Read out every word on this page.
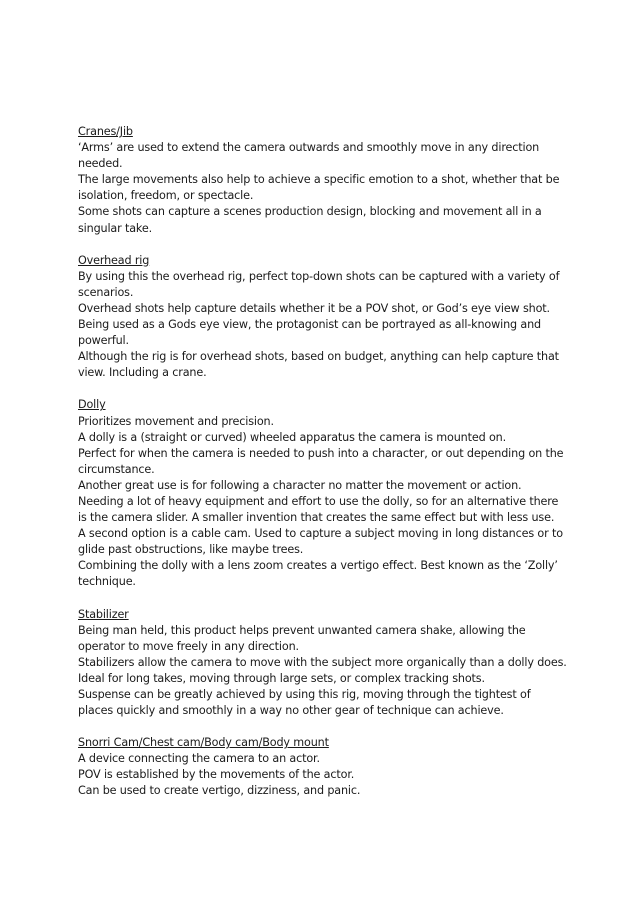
Cranes/Jib
‘Arms’ are used to extend the camera outwards and smoothly move in any direction needed.
The large movements also help to achieve a specific emotion to a shot, whether that be isolation, freedom, or spectacle.
Some shots can capture a scenes production design, blocking and movement all in a singular take.
Overhead rig
By using this the overhead rig, perfect top-down shots can be captured with a variety of scenarios.
Overhead shots help capture details whether it be a POV shot, or God’s eye view shot.
Being used as a Gods eye view, the protagonist can be portrayed as all-knowing and powerful.
Although the rig is for overhead shots, based on budget, anything can help capture that view. Including a crane.
Dolly
Prioritizes movement and precision.
A dolly is a (straight or curved) wheeled apparatus the camera is mounted on.
Perfect for when the camera is needed to push into a character, or out depending on the circumstance.
Another great use is for following a character no matter the movement or action.
Needing a lot of heavy equipment and effort to use the dolly, so for an alternative there is the camera slider. A smaller invention that creates the same effect but with less use.
A second option is a cable cam. Used to capture a subject moving in long distances or to glide past obstructions, like maybe trees.
Combining the dolly with a lens zoom creates a vertigo effect. Best known as the ‘Zolly’ technique.
Stabilizer
Being man held, this product helps prevent unwanted camera shake, allowing the operator to move freely in any direction.
Stabilizers allow the camera to move with the subject more organically than a dolly does.
Ideal for long takes, moving through large sets, or complex tracking shots.
Suspense can be greatly achieved by using this rig, moving through the tightest of places quickly and smoothly in a way no other gear of technique can achieve.
Snorri Cam/Chest cam/Body cam/Body mount
A device connecting the camera to an actor.
POV is established by the movements of the actor.
Can be used to create vertigo, dizziness, and panic.
